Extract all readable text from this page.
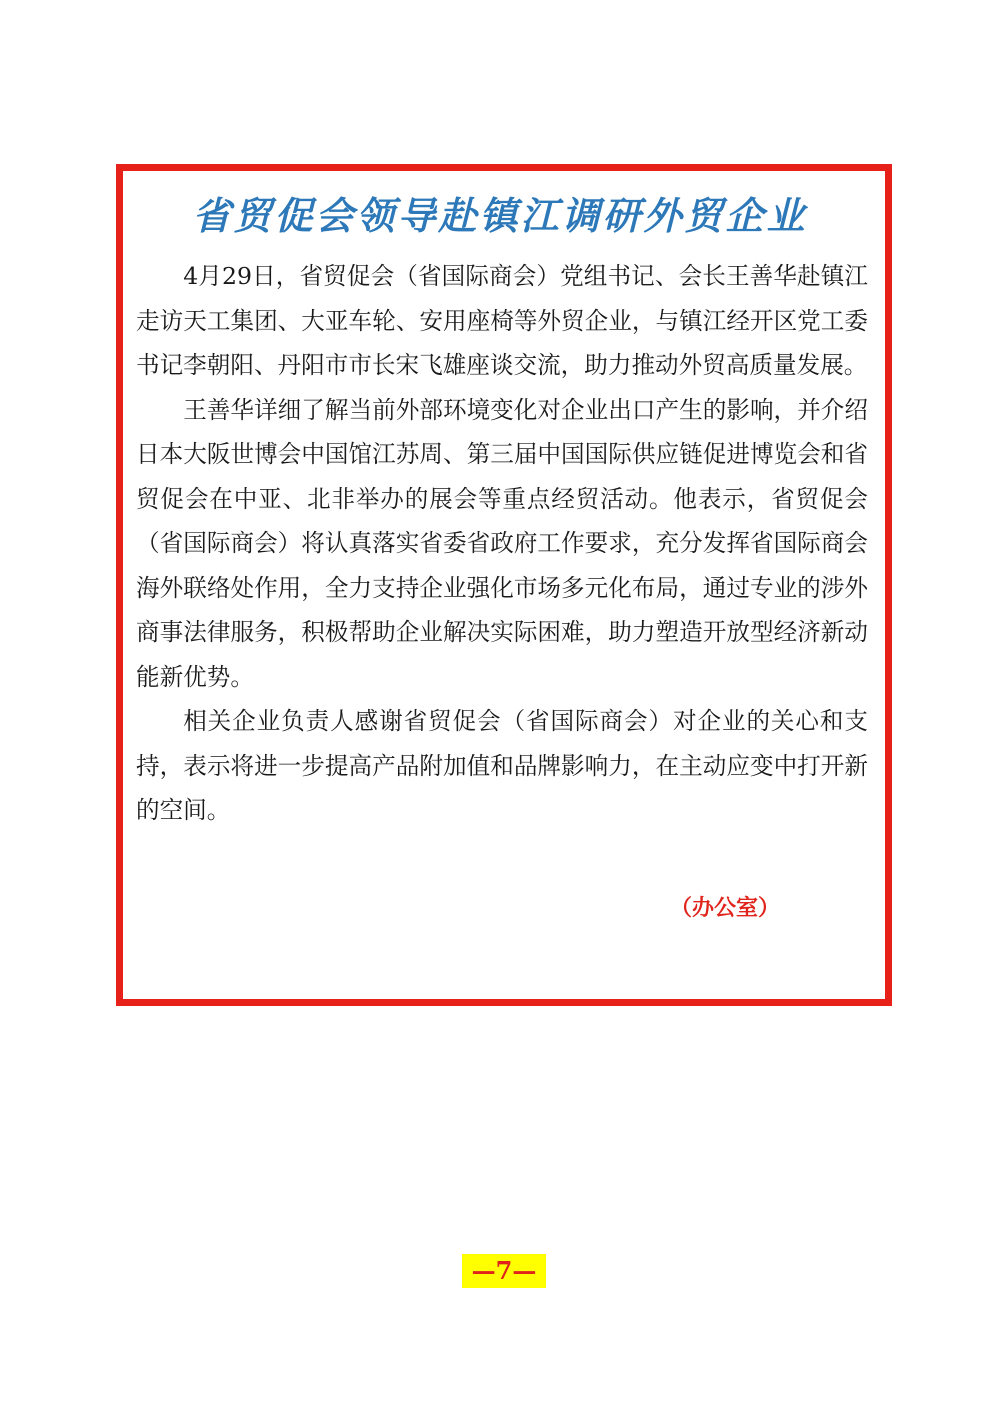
省贸促会领导赴镇江调研外贸企业

4月29日，省贸促会（省国际商会）党组书记、会长王善华赴镇江走访天工集团、大亚车轮、安用座椅等外贸企业，与镇江经开区党工委书记李朝阳、丹阳市市长宋飞雄座谈交流，助力推动外贸高质量发展。

王善华详细了解当前外部环境变化对企业出口产生的影响，并介绍日本大阪世博会中国馆江苏周、第三届中国国际供应链促进博览会和省贸促会在中亚、北非举办的展会等重点经贸活动。他表示，省贸促会（省国际商会）将认真落实省委省政府工作要求，充分发挥省国际商会海外联络处作用，全力支持企业强化市场多元化布局，通过专业的涉外商事法律服务，积极帮助企业解决实际困难，助力塑造开放型经济新动能新优势。

相关企业负责人感谢省贸促会（省国际商会）对企业的关心和支持，表示将进一步提高产品附加值和品牌影响力，在主动应变中打开新的空间。

（办公室）
—7—
